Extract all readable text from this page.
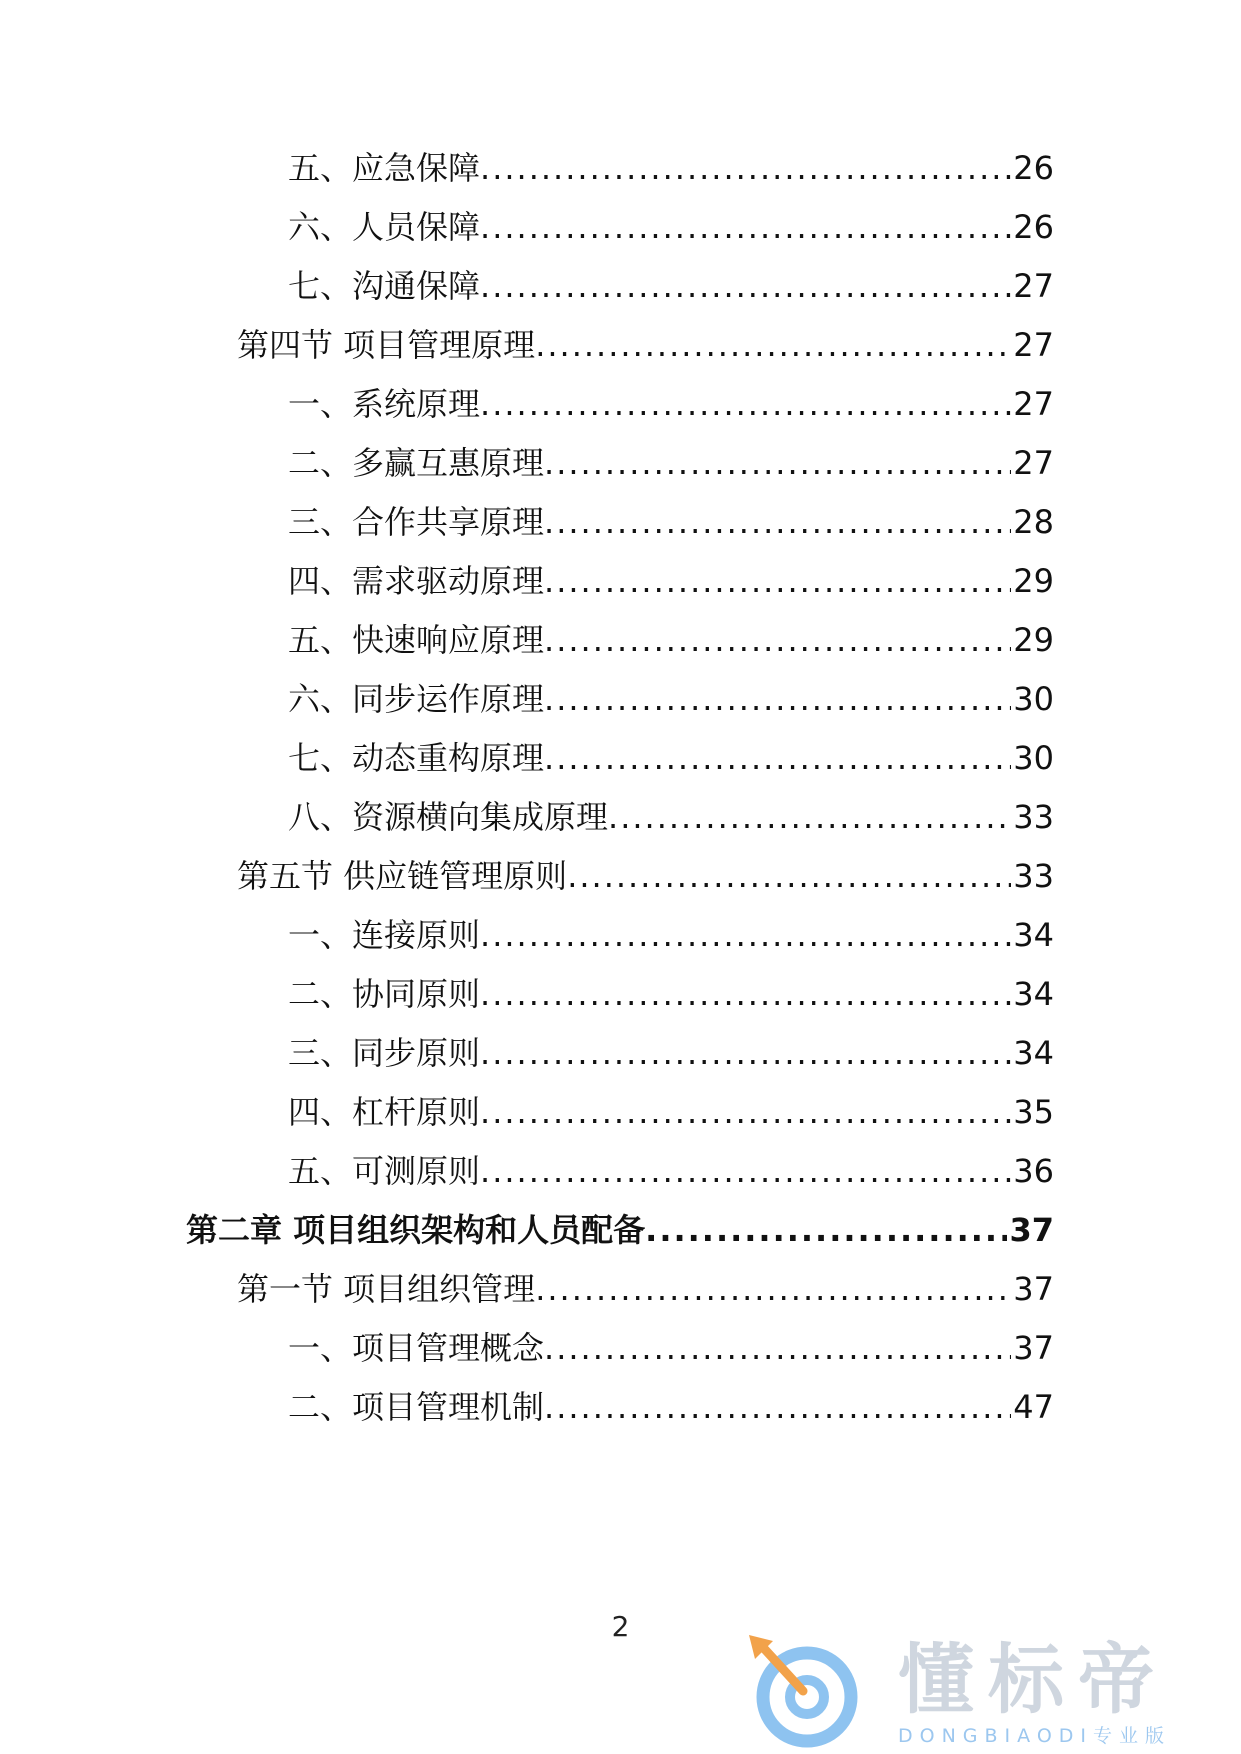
五、应急保障 .....	26
六、人员保障 .....	26
七、沟通保障 .....	27
第四节 项目管理原理 .....	27
一、系统原理 .....	27
二、多赢互惠原理 .....	27
三、合作共享原理 .....	28
四、需求驱动原理 .....	29
五、快速响应原理 .....	29
六、同步运作原理 .....	30
七、动态重构原理 .....	30
八、资源横向集成原理 .....	33
第五节 供应链管理原则 .....	33
一、连接原则 .....	34
二、协同原则 .....	34
三、同步原则 .....	34
四、杠杆原则 .....	35
五、可测原则 .....	36
第二章 项目组织架构和人员配备 .....	37
第一节 项目组织管理 .....	37
一、项目管理概念 .....	37
二、项目管理机制 .....	47
2
懂标帝
DONGBIAODI专业版
